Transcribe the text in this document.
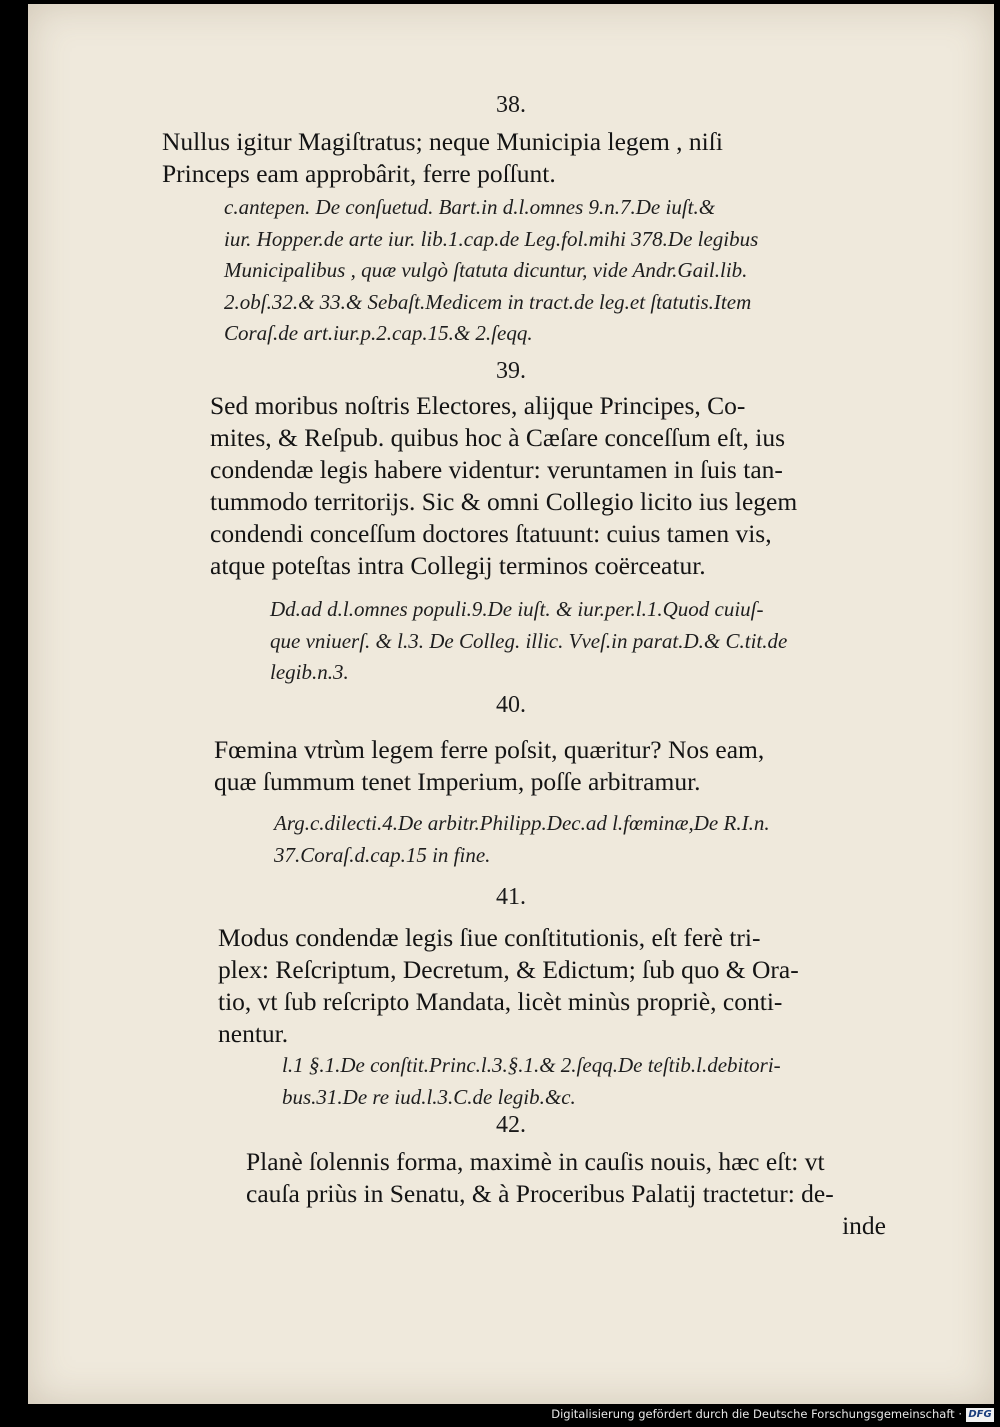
38.
Nullus igitur Magiſtratus; neque Municipia legem , niſi
Princeps eam approbârit, ferre poſſunt.
c.antepen. De conſuetud. Bart.in d.l.omnes 9.n.7.De iuſt.&
iur. Hopper.de arte iur. lib.1.cap.de Leg.fol.mihi 378.De legibus
Municipalibus , quæ vulgò ſtatuta dicuntur, vide Andr.Gail.lib.
2.obſ.32.& 33.& Sebaſt.Medicem in tract.de leg.et ſtatutis.Item
Coraſ.de art.iur.p.2.cap.15.& 2.ſeqq.
39.
Sed moribus noſtris Electores, aliјque Principes, Co-
mites, & Reſpub. quibus hoc à Cæſare conceſſum eſt, ius
condendæ legis habere videntur: veruntamen in ſuis tan-
tummodo territorijs. Sic & omni Collegio licito ius legem
condendi conceſſum doctores ſtatuunt: cuius tamen vis,
atque poteſtas intra Collegij terminos coërceatur.
Dd.ad d.l.omnes populi.9.De iuſt. & iur.per.l.1.Quod cuiuſ-
que vniuerſ. & l.3. De Colleg. illic. Vveſ.in parat.D.& C.tit.de
legib.n.3.
40.
Fœmina vtrùm legem ferre poſsit, quæritur? Nos eam,
quæ ſummum tenet Imperium, poſſe arbitramur.
Arg.c.dilecti.4.De arbitr.Philipp.Dec.ad l.fœminæ,De R.I.n.
37.Coraſ.d.cap.15 in fine.
41.
Modus condendæ legis ſiue conſtitutionis, eſt ferè tri-
plex: Reſcriptum, Decretum, & Edictum; ſub quo & Ora-
tio, vt ſub reſcripto Mandata, licèt minùs propriè, conti-
nentur.
l.1 §.1.De conſtit.Princ.l.3.§.1.& 2.ſeqq.De teſtib.l.debitori-
bus.31.De re iud.l.3.C.de legib.&c.
42.
Planè ſolennis forma, maximè in cauſis nouis, hæc eſt: vt
cauſa priùs in Senatu, & à Proceribus Palatij tractetur: de-
inde
Digitalisierung gefördert durch die Deutsche Forschungsgemeinschaft · DFG
